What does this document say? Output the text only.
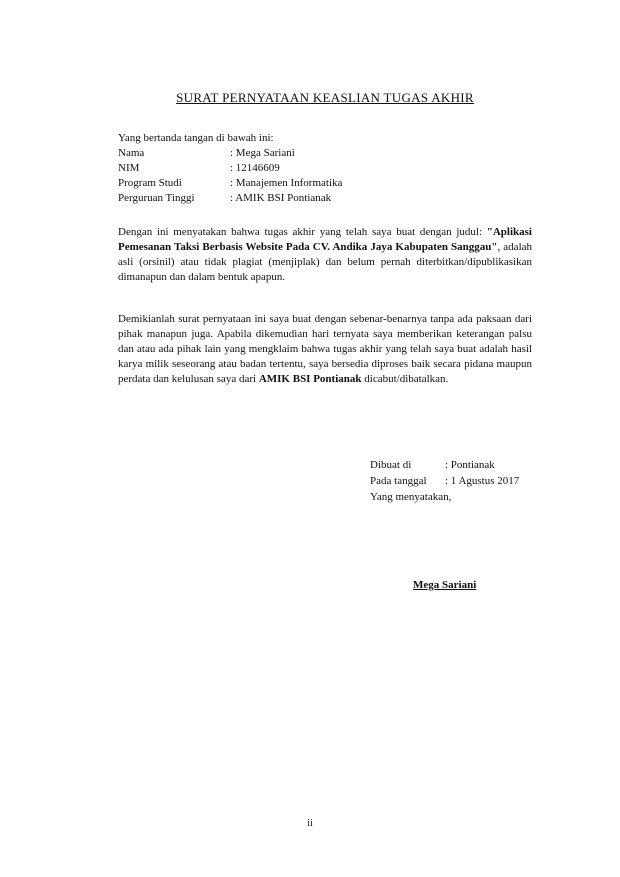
SURAT PERNYATAAN KEASLIAN TUGAS AKHIR
Yang bertanda tangan di bawah ini:
Nama	: Mega Sariani
NIM	: 12146609
Program Studi	: Manajemen Informatika
Perguruan Tinggi	: AMIK BSI Pontianak
Dengan ini menyatakan bahwa tugas akhir yang telah saya buat dengan judul: "Aplikasi Pemesanan Taksi Berbasis Website Pada CV. Andika Jaya Kabupaten Sanggau", adalah asli (orsinil) atau tidak plagiat (menjiplak) dan belum pernah diterbitkan/dipublikasikan dimanapun dan dalam bentuk apapun.
Demikianlah surat pernyataan ini saya buat dengan sebenar-benarnya tanpa ada paksaan dari pihak manapun juga. Apabila dikemudian hari ternyata saya memberikan keterangan palsu dan atau ada pihak lain yang mengklaim bahwa tugas akhir yang telah saya buat adalah hasil karya milik seseorang atau badan tertentu, saya bersedia diproses baik secara pidana maupun perdata dan kelulusan saya dari AMIK BSI Pontianak dicabut/dibatalkan.
Dibuat di	: Pontianak
Pada tanggal	: 1 Agustus 2017
Yang menyatakan,
Mega Sariani
ii
